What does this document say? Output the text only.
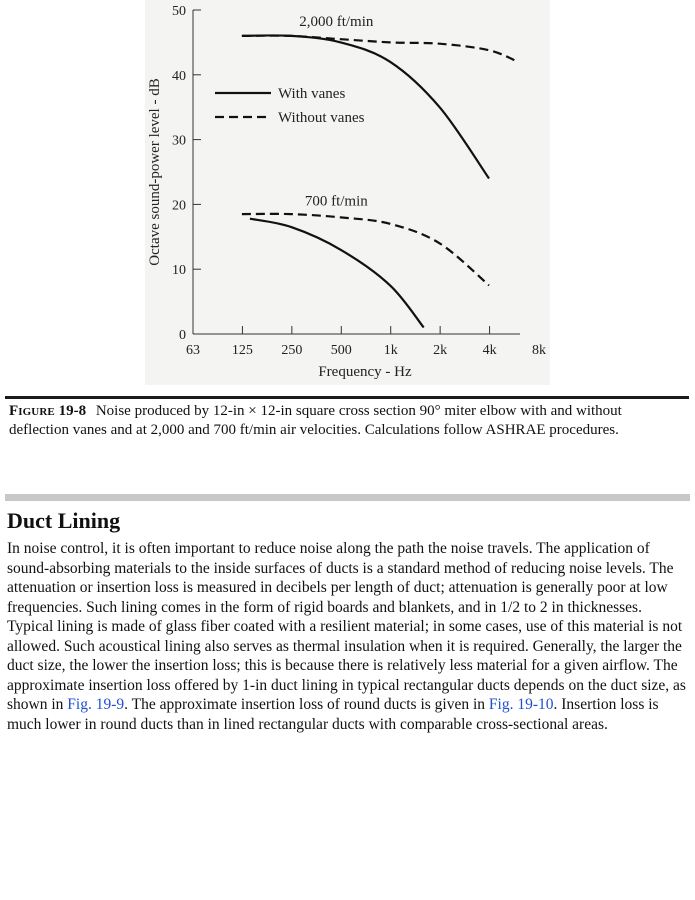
0
10
20
30
40
50
63 125 250 500 1k	2k	4k	8k
Frequency - Hz
Octave sound-power level - dB
2,000 ft/min
700 ft/min
With vanes
Without vanes
Figure 19-8 Noise produced by 12-in × 12-in square cross section 90° miter elbow with and without deflection vanes and at 2,000 and 700 ft/min air velocities. Calculations follow ASHRAE procedures.
Duct Lining

In noise control, it is often important to reduce noise along the path the noise travels. The application of sound-absorbing materials to the inside surfaces of ducts is a standard method of reducing noise levels. The attenuation or insertion loss is measured in decibels per length of duct; attenuation is generally poor at low frequencies. Such lining comes in the form of rigid boards and blankets, and in 1/2 to 2 in thicknesses. Typical lining is made of glass fiber coated with a resilient material; in some cases, use of this material is not allowed. Such acoustical lining also serves as thermal insulation when it is required. Generally, the larger the duct size, the lower the insertion loss; this is because there is relatively less material for a given airflow. The approximate insertion loss offered by 1-in duct lining in typical rectangular ducts depends on the duct size, as shown in Fig. 19-9. The approximate insertion loss of round ducts is given in Fig. 19-10. Insertion loss is much lower in round ducts than in lined rectangular ducts with comparable cross-sectional areas.
